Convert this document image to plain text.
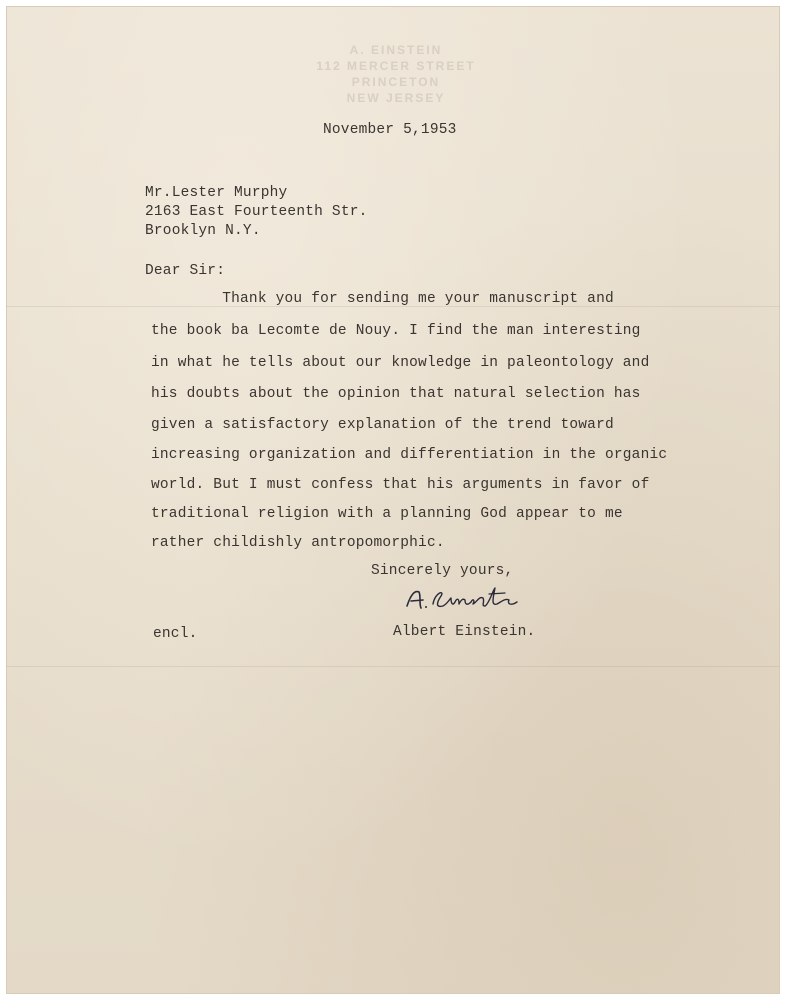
A. EINSTEIN
112 MERCER STREET
PRINCETON
NEW JERSEY
November 5,1953
Mr.Lester Murphy
2163 East Fourteenth Str.
Brooklyn N.Y.
Dear Sir:
Thank you for sending me your manuscript and
the book ba Lecomte de Nouy. I find the man interesting
in what he tells about our knowledge in paleontology and
his doubts about the opinion that natural selection has
given a satisfactory explanation of the trend toward
increasing organization and differentiation in the organic
world. But I must confess that his arguments in favor of
traditional religion with a planning God appear to me
rather childishly antropomorphic.
Sincerely yours,
encl.	Albert Einstein.
